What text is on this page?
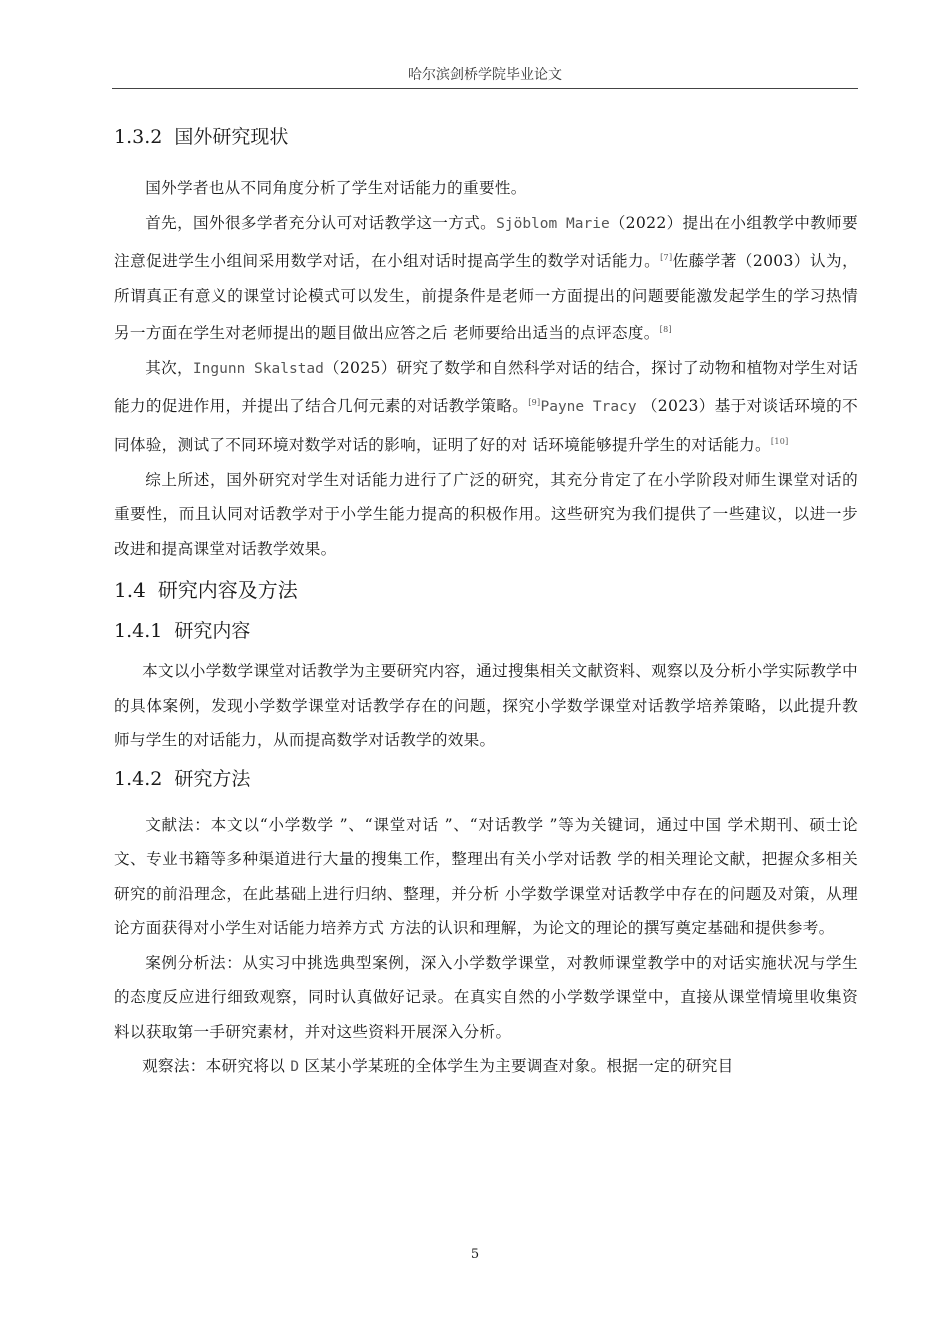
哈尔滨剑桥学院毕业论文
1.3.2 国外研究现状

国外学者也从不同角度分析了学生对话能力的重要性。

首先，国外很多学者充分认可对话教学这一方式。Sjöblom Marie（2022）提出在小组教学中教师要注意促进学生小组间采用数学对话，在小组对话时提高学生的数学对话能力。[7]佐藤学著（2003）认为，所谓真正有意义的课堂讨论模式可以发生，前提条件是老师一方面提出的问题要能激发起学生的学习热情另一方面在学生对老师提出的题目做出应答之后 老师要给出适当的点评态度。[8]

其次，Ingunn Skalstad（2025）研究了数学和自然科学对话的结合，探讨了动物和植物对学生对话能力的促进作用，并提出了结合几何元素的对话教学策略。[9]Payne Tracy （2023）基于对谈话环境的不同体验，测试了不同环境对数学对话的影响，证明了好的对 话环境能够提升学生的对话能力。[10]

综上所述，国外研究对学生对话能力进行了广泛的研究，其充分肯定了在小学阶段对师生课堂对话的重要性，而且认同对话教学对于小学生能力提高的积极作用。这些研究为我们提供了一些建议，以进一步改进和提高课堂对话教学效果。

1.4 研究内容及方法
1.4.1 研究内容

本文以小学数学课堂对话教学为主要研究内容，通过搜集相关文献资料、观察以及分析小学实际教学中的具体案例，发现小学数学课堂对话教学存在的问题，探究小学数学课堂对话教学培养策略，以此提升教师与学生的对话能力，从而提高数学对话教学的效果。

1.4.2 研究方法

文献法：本文以“小学数学 ”、“课堂对话 ”、“对话教学 ”等为关键词，通过中国 学术期刊、硕士论文、专业书籍等多种渠道进行大量的搜集工作，整理出有关小学对话教 学的相关理论文献，把握众多相关研究的前沿理念，在此基础上进行归纳、整理，并分析 小学数学课堂对话教学中存在的问题及对策，从理论方面获得对小学生对话能力培养方式 方法的认识和理解，为论文的理论的撰写奠定基础和提供参考。

案例分析法：从实习中挑选典型案例，深入小学数学课堂，对教师课堂教学中的对话实施状况与学生的态度反应进行细致观察，同时认真做好记录。在真实自然的小学数学课堂中，直接从课堂情境里收集资料以获取第一手研究素材，并对这些资料开展深入分析。

观察法：本研究将以 D 区某小学某班的全体学生为主要调查对象。根据一定的研究目

5
